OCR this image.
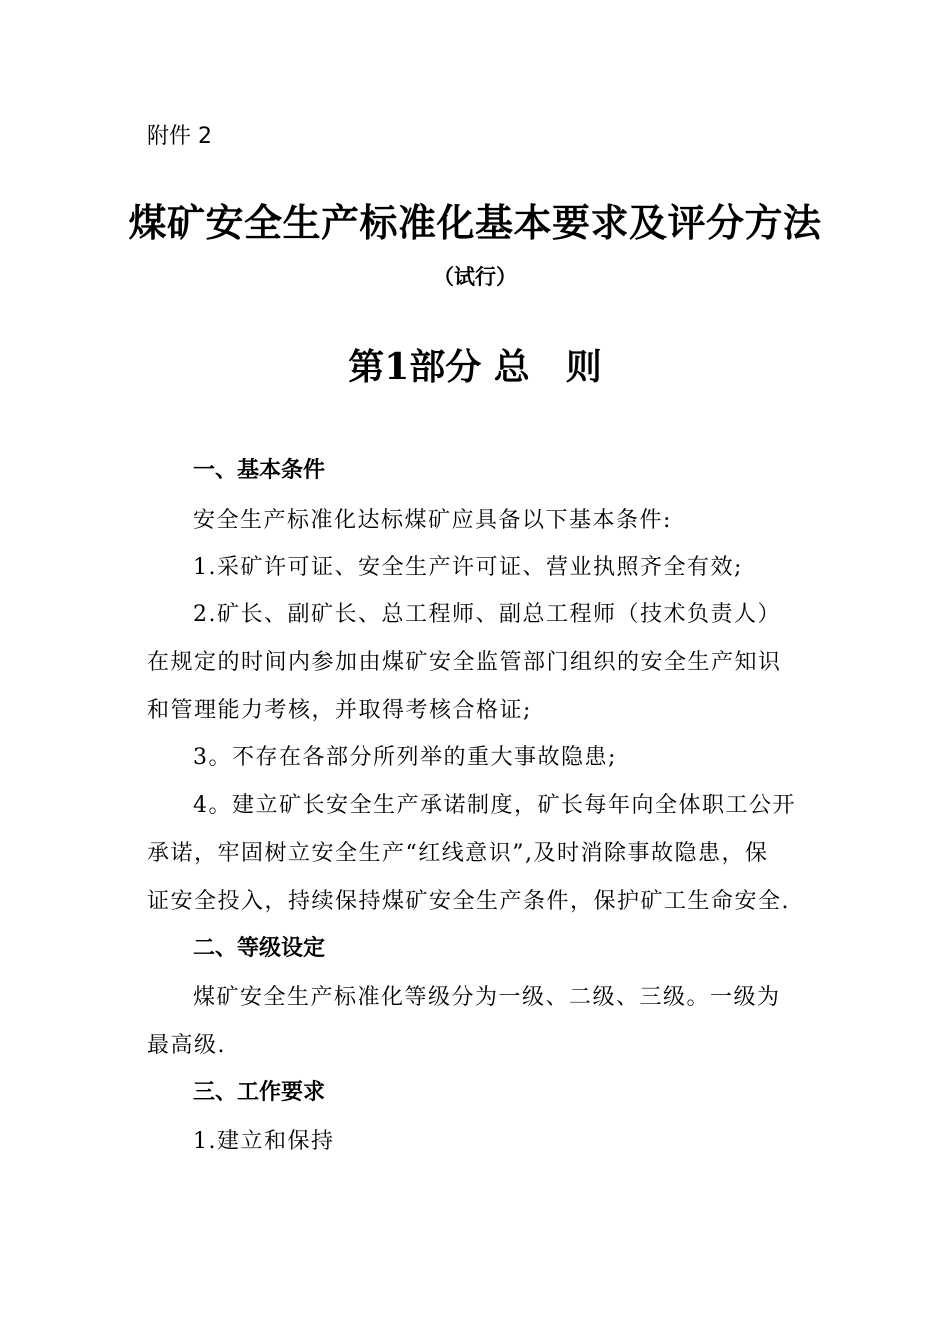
附件 2
煤矿安全生产标准化基本要求及评分方法
（试行）
第1部分 总　则
一、基本条件
安全生产标准化达标煤矿应具备以下基本条件:
1.采矿许可证、安全生产许可证、营业执照齐全有效;
2.矿长、副矿长、总工程师、副总工程师（技术负责人）
在规定的时间内参加由煤矿安全监管部门组织的安全生产知识
和管理能力考核，并取得考核合格证;
3。不存在各部分所列举的重大事故隐患;
4。建立矿长安全生产承诺制度，矿长每年向全体职工公开
承诺，牢固树立安全生产“红线意识”,及时消除事故隐患，保
证安全投入，持续保持煤矿安全生产条件，保护矿工生命安全.
二、等级设定
煤矿安全生产标准化等级分为一级、二级、三级。一级为
最高级.
三、工作要求
1.建立和保持
